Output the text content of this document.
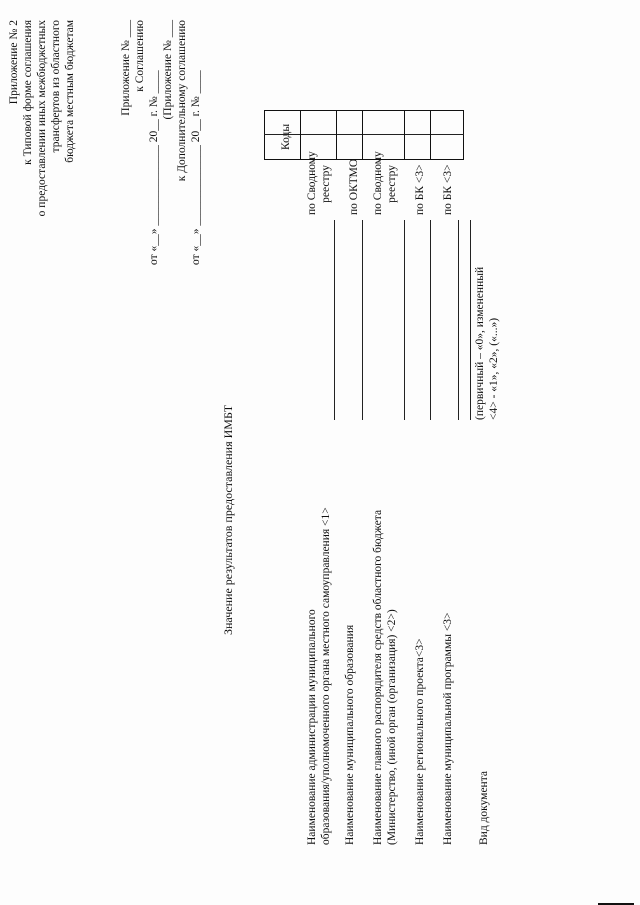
Приложение № 2 к Типовой форме соглашения о предоставлении иных межбюджетных трансфертов из областного бюджета местным бюджетам	Приложение № ___ к Соглашению
от «__» ______________ 20__ г. № ____
(Приложение № ___ к Дополнительному соглашению от «__» ______________ 20__ г. № ____
Значение результатов предоставления ИМБТ
Коды
Наименование администрации муниципального образования/уполномоченного органа местного самоуправления <1>
по Сводному реестру
Наименование муниципального образования
по ОКТМО
Наименование главного распорядителя средств областного бюджета (Министерство, (иной орган (организация) <2>)
по Сводному реестру
Наименование регионального проекта<3>
по БК <3>
Наименование муниципальной программы <3>
по БК <3>
Вид документа
(первичный – «0», измененный <4> - «1», «2», («...»)
